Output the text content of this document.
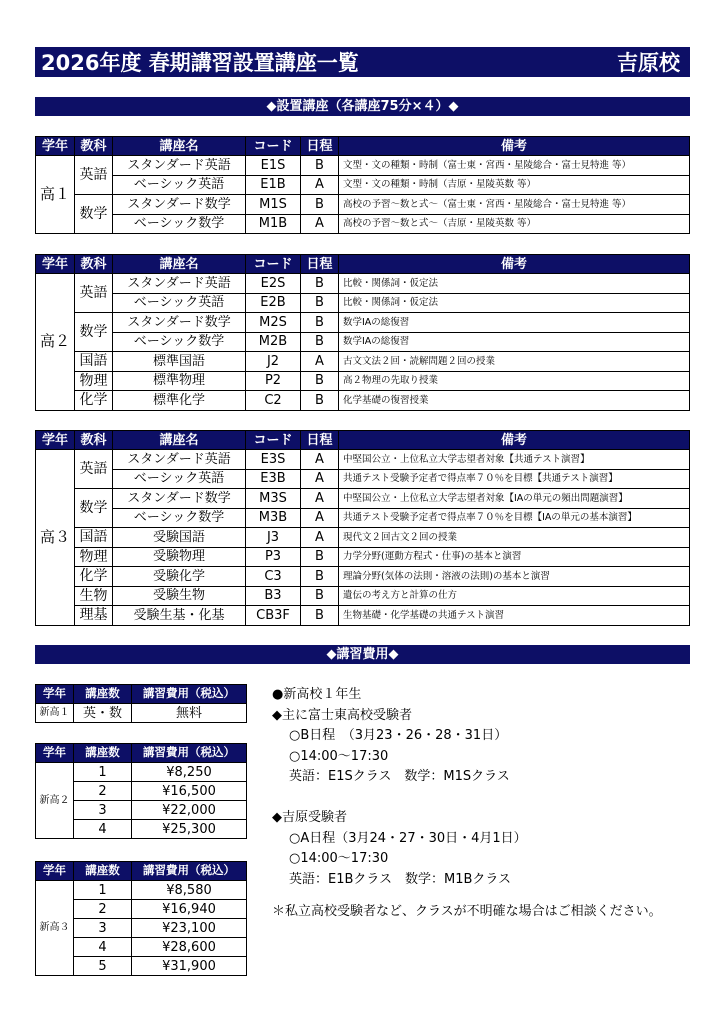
2026年度 春期講習設置講座一覧	吉原校
◆設置講座（各講座75分×４）◆
学年	教科	講座名	コード	日程	備考
高１	英語	スタンダード英語	E1S	B	文型・文の種類・時制（富士東・宮西・星陵総合・富士見特進 等）
		ベーシック英語	E1B	A	文型・文の種類・時制（吉原・星陵英数 等）
	数学	スタンダード数学	M1S	B	高校の予習～数と式～（富士東・宮西・星陵総合・富士見特進 等）
		ベーシック数学	M1B	A	高校の予習～数と式～（吉原・星陵英数 等）
学年	教科	講座名	コード	日程	備考
高２	英語	スタンダード英語	E2S	B	比較・関係詞・仮定法
		ベーシック英語	E2B	B	比較・関係詞・仮定法
	数学	スタンダード数学	M2S	B	数学ⅠAの総復習
		ベーシック数学	M2B	B	数学ⅠAの総復習
	国語	標準国語	J2	A	古文文法２回・読解問題２回の授業
	物理	標準物理	P2	B	高２物理の先取り授業
	化学	標準化学	C2	B	化学基礎の復習授業
学年	教科	講座名	コード	日程	備考
高３	英語	スタンダード英語	E3S	A	中堅国公立・上位私立大学志望者対象【共通テスト演習】
		ベーシック英語	E3B	A	共通テスト受験予定者で得点率７０％を目標【共通テスト演習】
	数学	スタンダード数学	M3S	A	中堅国公立・上位私立大学志望者対象【ⅠAの単元の頻出問題演習】
		ベーシック数学	M3B	A	共通テスト受験予定者で得点率７０％を目標【ⅠAの単元の基本演習】
	国語	受験国語	J3	A	現代文２回古文２回の授業
	物理	受験物理	P3	B	力学分野(運動方程式・仕事)の基本と演習
	化学	受験化学	C3	B	理論分野(気体の法則・溶液の法則)の基本と演習
	生物	受験生物	B3	B	遺伝の考え方と計算の仕方
	理基	受験生基・化基	CB3F	B	生物基礎・化学基礎の共通テスト演習
◆講習費用◆
学年	講座数	講習費用（税込）
新高１	英・数	無料
学年	講座数	講習費用（税込）
新高２	1	¥8,250
	2	¥16,500
	3	¥22,000
	4	¥25,300
学年	講座数	講習費用（税込）
新高３	1	¥8,580
	2	¥16,940
	3	¥23,100
	4	¥28,600
	5	¥31,900
●新高校１年生
◆主に富士東高校受験者
○B日程　（3月23・26・28・31日）
○14:00～17:30
英語：E1Sクラス　数学：M1Sクラス
◆吉原受験者
○A日程（3月24・27・30日・4月1日）
○14:00～17:30
英語：E1Bクラス　数学：M1Bクラス
＊私立高校受験者など、クラスが不明確な場合はご相談ください。
